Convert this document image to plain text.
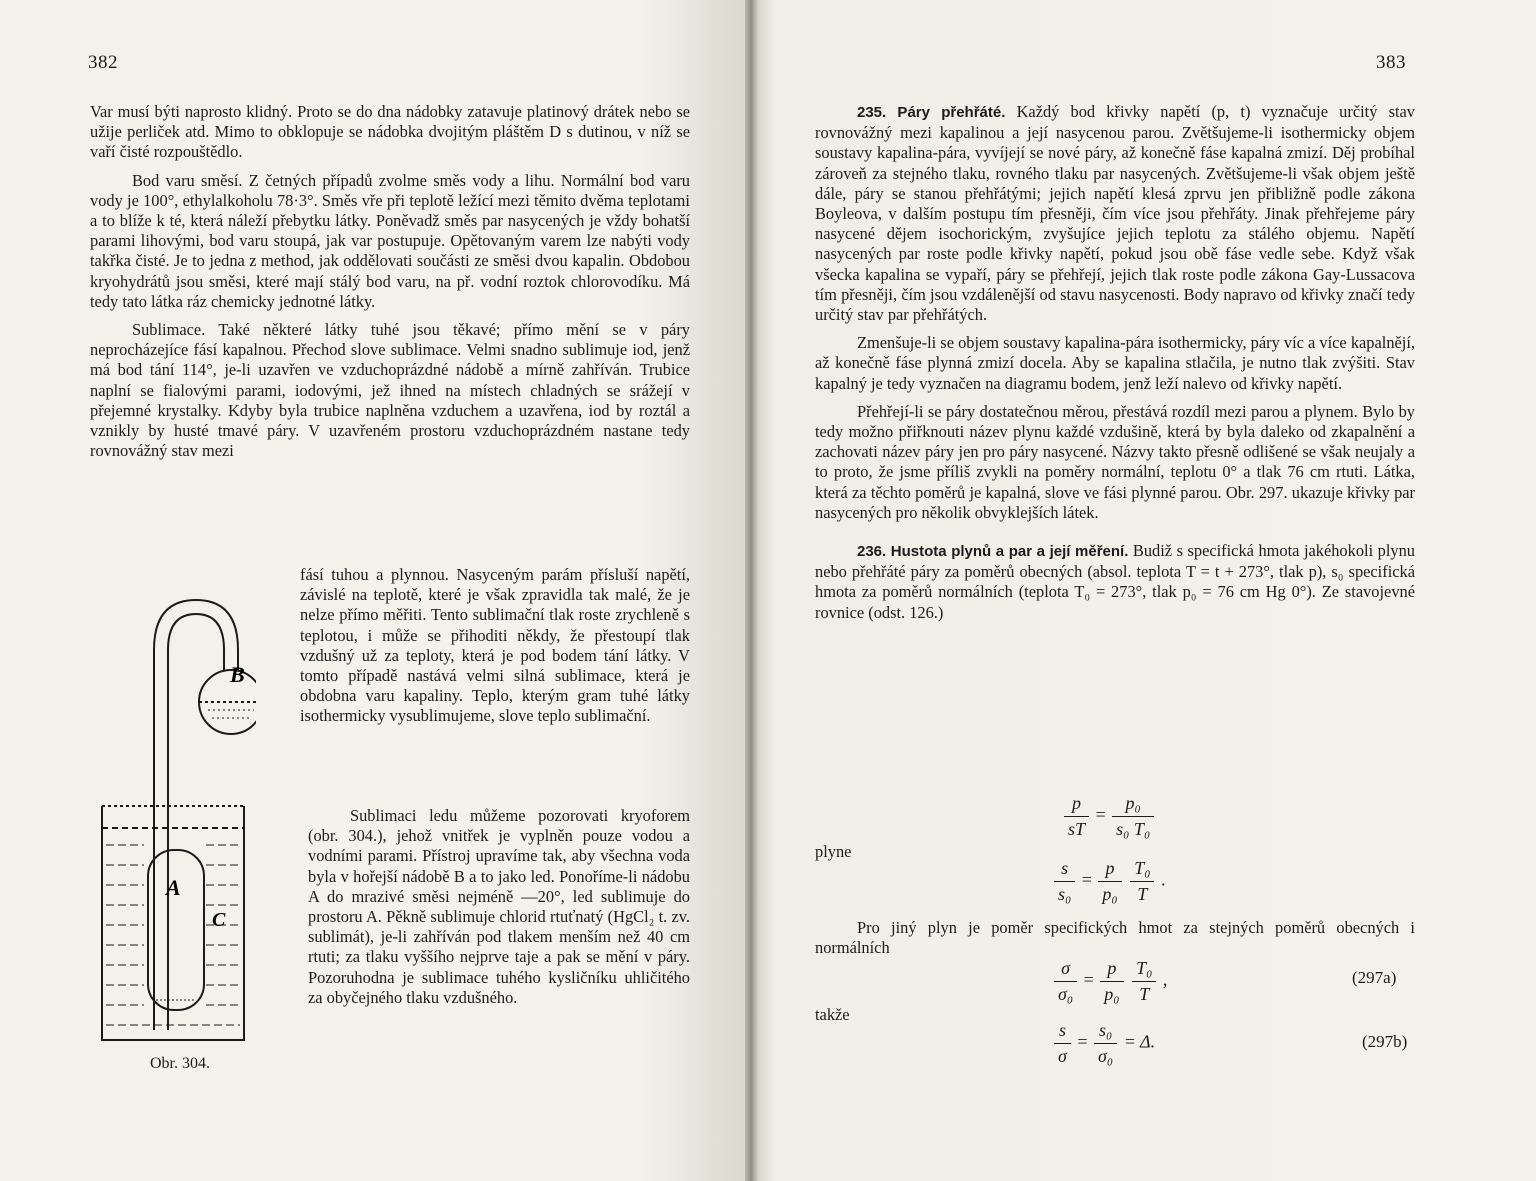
382	383

Var musí býti naprosto klidný. Proto se do dna nádobky zatavuje platinový drátek nebo se užije perliček atd. Mimo to obklopuje se nádobka dvojitým pláštěm D s dutinou, v níž se vaří čisté rozpouštědlo.

Bod varu směsí. Z četných případů zvolme směs vody a lihu. Normální bod varu vody je 100°, ethylalkoholu 78·3°. Směs vře při teplotě ležící mezi těmito dvěma teplotami a to blíže k té, která náleží přebytku látky. Poněvadž směs par nasycených je vždy bohatší parami lihovými, bod varu stoupá, jak var postupuje. Opětovaným varem lze nabýti vody takřka čisté. Je to jedna z method, jak oddělovati součásti ze směsi dvou kapalin. Obdobou kryohydrátů jsou směsi, které mají stálý bod varu, na př. vodní roztok chlorovodíku. Má tedy tato látka ráz chemicky jednotné látky.

Sublimace. Také některé látky tuhé jsou těkavé; přímo mění se v páry neprocházejíce fásí kapalnou. Přechod slove sublimace. Velmi snadno sublimuje iod, jenž má bod tání 114°, je-li uzavřen ve vzduchoprázdné nádobě a mírně zahříván. Trubice naplní se fialovými parami, iodovými, jež ihned na místech chladných se srážejí v přejemné krystalky. Kdyby byla trubice naplněna vzduchem a uzavřena, iod by roztál a vznikly by husté tmavé páry. V uzavřeném prostoru vzduchoprázdném nastane tedy rovnovážný stav mezi

fásí tuhou a plynnou. Nasyceným parám přísluší napětí, závislé na teplotě, které je však zpravidla tak malé, že je nelze přímo měřiti. Tento sublimační tlak roste zrychleně s teplotou, i může se přihoditi někdy, že přestoupí tlak vzdušný už za teploty, která je pod bodem tání látky. V tomto případě nastává velmi silná sublimace, která je obdobna varu kapaliny. Teplo, kterým gram tuhé látky isothermicky vysublimujeme, slove teplo sublimační.

Sublimaci ledu můžeme pozorovati kryoforem (obr. 304.), jehož vnitřek je vyplněn pouze vodou a vodními parami. Přístroj upravíme tak, aby všechna voda byla v hořejší nádobě B a to jako led. Ponoříme-li nádobu A do mrazivé směsi nejméně —20°, led sublimuje do prostoru A. Pěkně sublimuje chlorid rtuťnatý (HgCl₂ t. zv. sublimát), je-li zahříván pod tlakem menším než 40 cm rtuti; za tlaku vyššího nejprve taje a pak se mění v páry. Pozoruhodna je sublimace tuhého kysličníku uhličitého za obyčejného tlaku vzdušného.

B
A
C
Obr. 304.

235. Páry přehřáté. Každý bod křivky napětí (p, t) vyznačuje určitý stav rovnovážný mezi kapalinou a její nasycenou parou. Zvětšujeme-li isothermicky objem soustavy kapalina-pára, vyvíjejí se nové páry, až konečně fáse kapalná zmizí. Děj probíhal zároveň za stejného tlaku, rovného tlaku par nasycených. Zvětšujeme-li však objem ještě dále, páry se stanou přehřátými; jejich napětí klesá zprvu jen přibližně podle zákona Boyleova, v dalším postupu tím přesněji, čím více jsou přehřáty. Jinak přehřejeme páry nasycené dějem isochorickým, zvyšujíce jejich teplotu za stálého objemu. Napětí nasycených par roste podle křivky napětí, pokud jsou obě fáse vedle sebe. Když však všecka kapalina se vypaří, páry se přehřejí, jejich tlak roste podle zákona Gay-Lussacova tím přesněji, čím jsou vzdálenější od stavu nasycenosti. Body napravo od křivky značí tedy určitý stav par přehřátých.

Zmenšuje-li se objem soustavy kapalina-pára isothermicky, páry víc a více kapalnějí, až konečně fáse plynná zmizí docela. Aby se kapalina stlačila, je nutno tlak zvýšiti. Stav kapalný je tedy vyznačen na diagramu bodem, jenž leží nalevo od křivky napětí.

Přehřejí-li se páry dostatečnou měrou, přestává rozdíl mezi parou a plynem. Bylo by tedy možno přiřknouti název plynu každé vzdušině, která by byla daleko od zkapalnění a zachovati název páry jen pro páry nasycené. Názvy takto přesně odlišené se však neujaly a to proto, že jsme příliš zvykli na poměry normální, teplotu 0° a tlak 76 cm rtuti. Látka, která za těchto poměrů je kapalná, slove ve fási plynné parou. Obr. 297. ukazuje křivky par nasycených pro několik obvyklejších látek.

236. Hustota plynů a par a její měření. Budiž s specifická hmota jakéhokoli plynu nebo přehřáté páry za poměrů obecných (absol. teplota T = t + 273°, tlak p), s₀ specifická hmota za poměrů normálních (teplota T₀ = 273°, tlak p₀ = 76 cm Hg 0°). Ze stavojevné rovnice (odst. 126.)

$\frac{p}{sT} = \frac{\text{p₀}}{\text{s₀ T₀}}$
plyne
$\frac{s}{\text{s₀}} = \frac{p}{\text{p₀}}$
$\frac{\text{T₀}}{T}$ .

Pro jiný plyn je poměr specifických hmot za stejných poměrů obecných i normálních

$\frac{\sigma}{\text{σ₀}} = \frac{p}{\text{p₀}}$
$\frac{\text{T₀}}{T}$ ,	(297a)
takže
$\frac{s}{\sigma} = \frac{\text{s₀}}{\text{σ₀}} = \Delta$.	(297b)
